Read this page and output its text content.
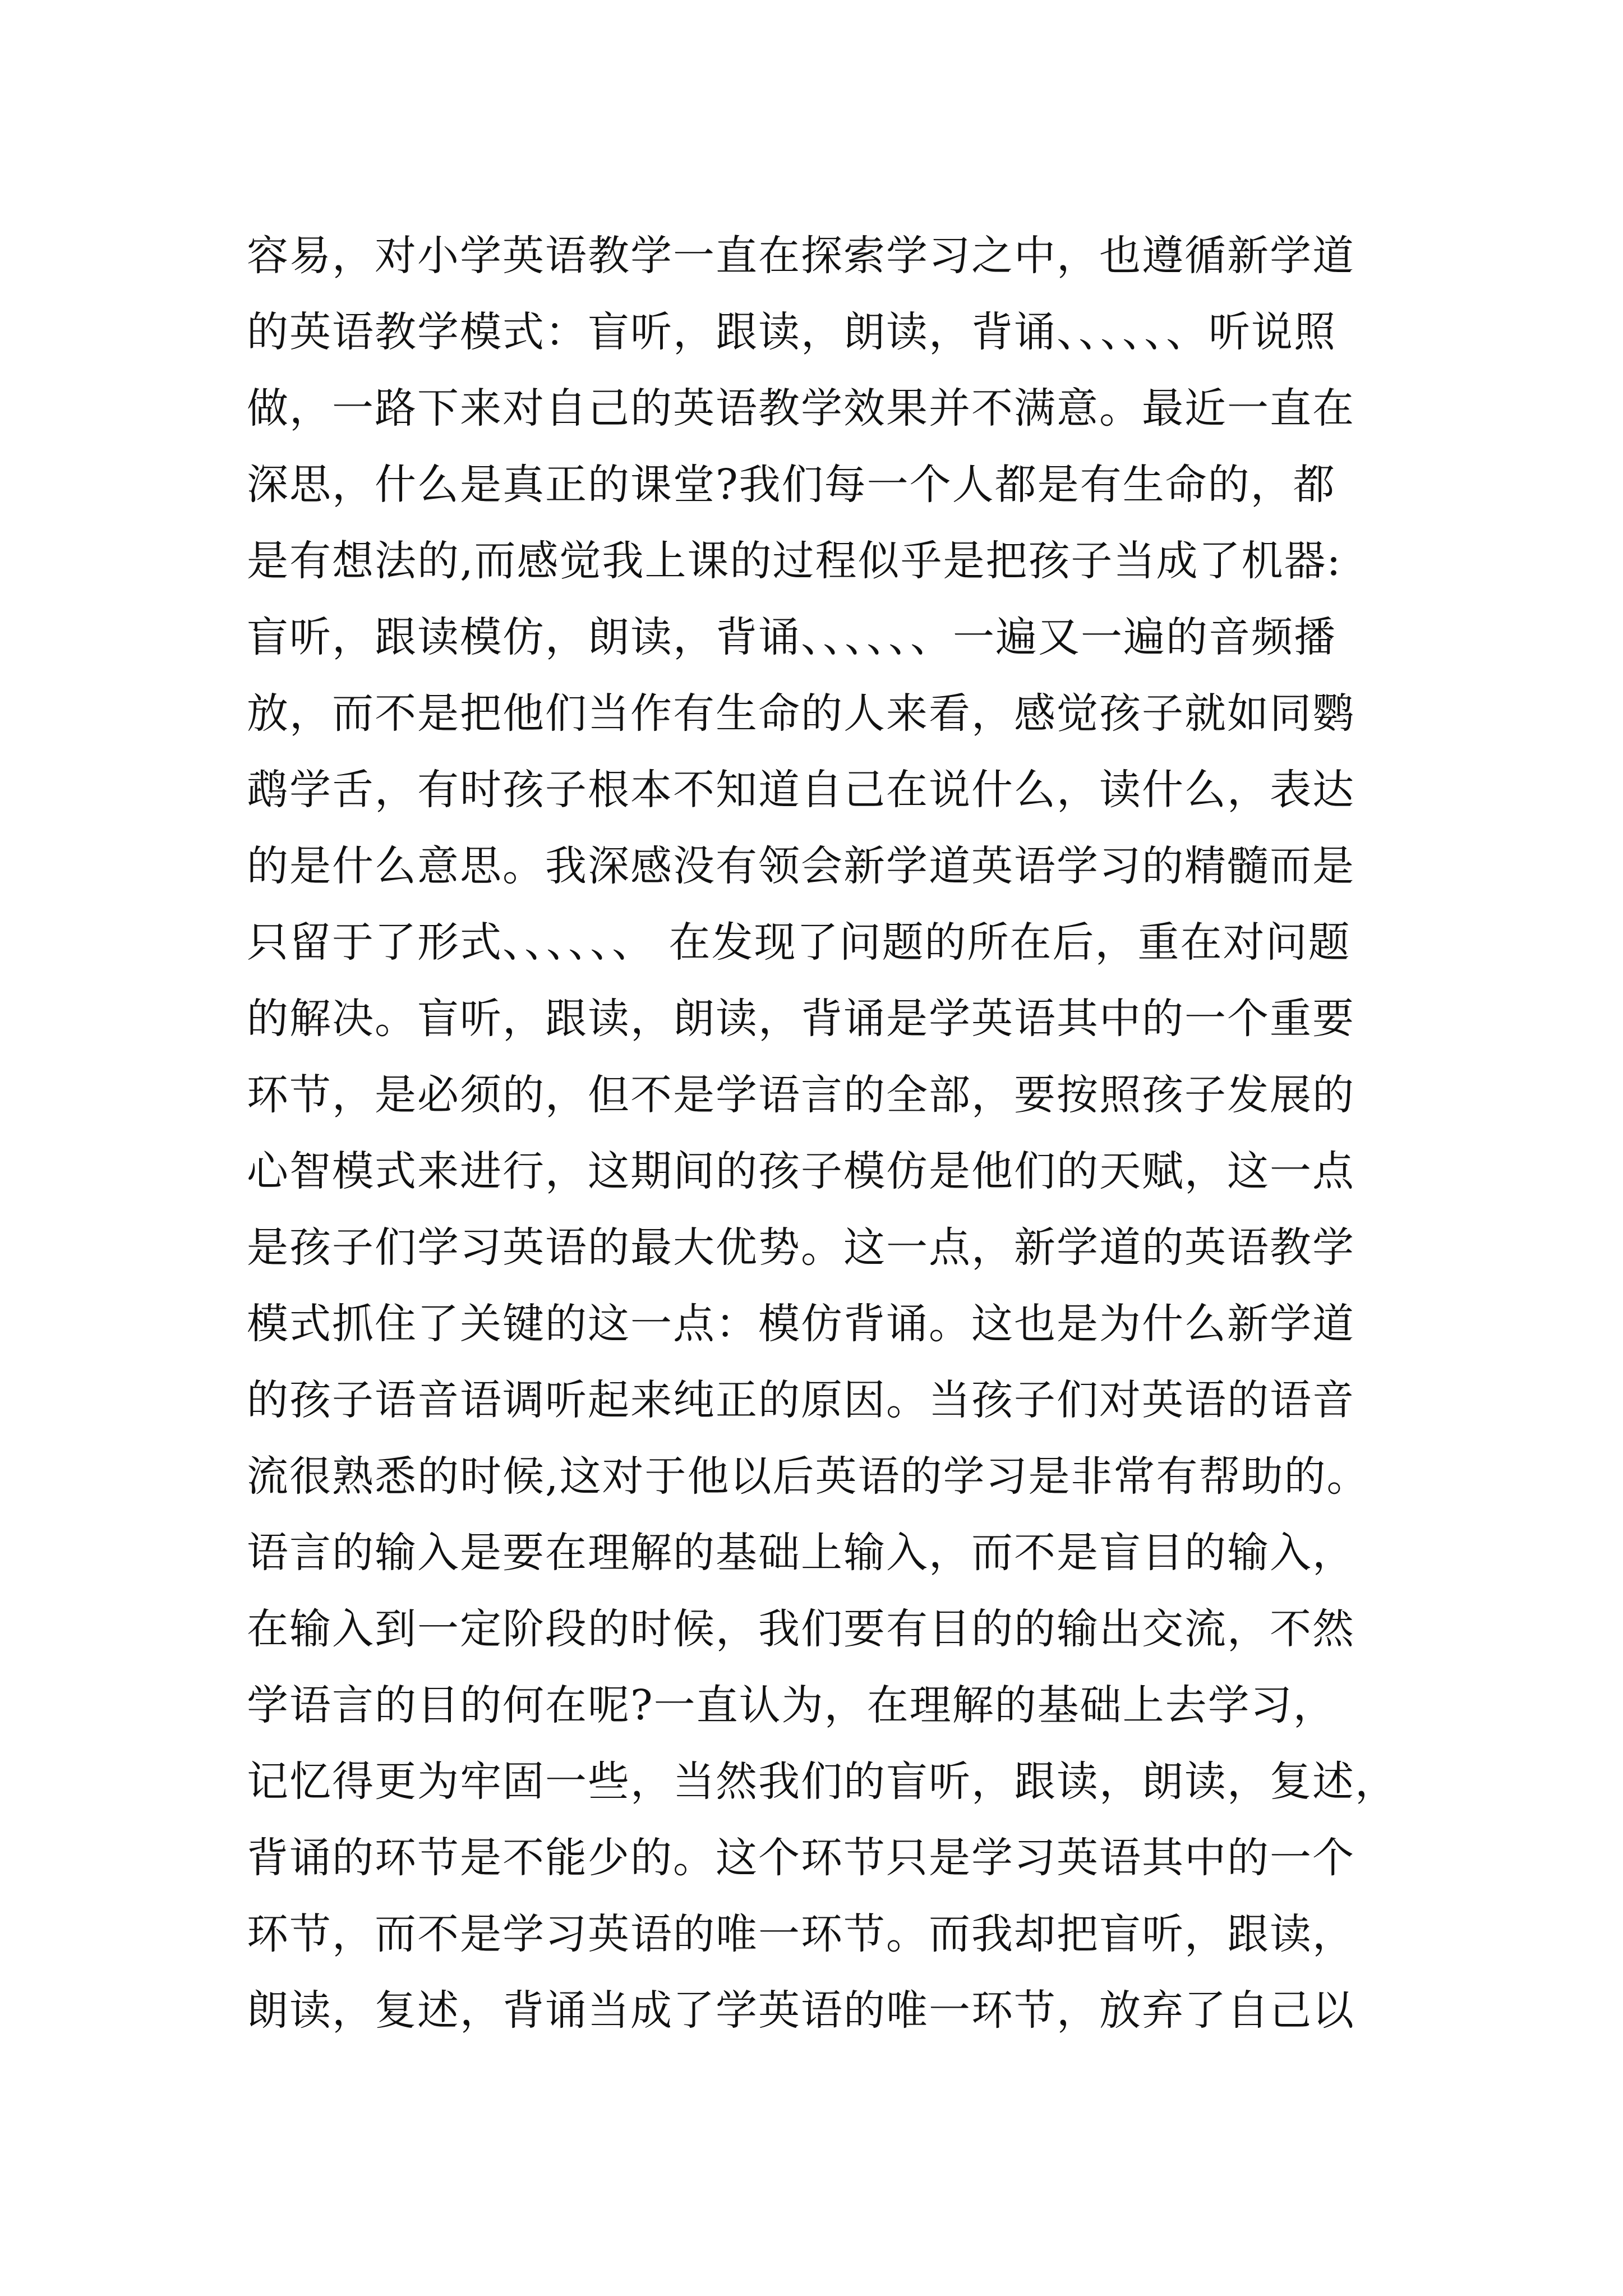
容易，对小学英语教学一直在探索学习之中，也遵循新学道
的英语教学模式：盲听，跟读，朗读，背诵、、、、、、听说照
做，一路下来对自己的英语教学效果并不满意。最近一直在
深思，什么是真正的课堂?我们每一个人都是有生命的，都
是有想法的,而感觉我上课的过程似乎是把孩子当成了机器:
盲听，跟读模仿，朗读，背诵、、、、、、一遍又一遍的音频播
放，而不是把他们当作有生命的人来看，感觉孩子就如同鹦
鹉学舌，有时孩子根本不知道自己在说什么，读什么，表达
的是什么意思。我深感没有领会新学道英语学习的精髓而是
只留于了形式、、、、、、 在发现了问题的所在后，重在对问题
的解决。盲听，跟读，朗读，背诵是学英语其中的一个重要
环节，是必须的，但不是学语言的全部，要按照孩子发展的
心智模式来进行，这期间的孩子模仿是他们的天赋，这一点
是孩子们学习英语的最大优势。这一点，新学道的英语教学
模式抓住了关键的这一点：模仿背诵。这也是为什么新学道
的孩子语音语调听起来纯正的原因。当孩子们对英语的语音
流很熟悉的时候,这对于他以后英语的学习是非常有帮助的。
语言的输入是要在理解的基础上输入，而不是盲目的输入，
在输入到一定阶段的时候，我们要有目的的输出交流，不然
学语言的目的何在呢?一直认为，在理解的基础上去学习，
记忆得更为牢固一些，当然我们的盲听，跟读，朗读，复述，
背诵的环节是不能少的。这个环节只是学习英语其中的一个
环节，而不是学习英语的唯一环节。而我却把盲听，跟读，
朗读，复述，背诵当成了学英语的唯一环节，放弃了自己以
